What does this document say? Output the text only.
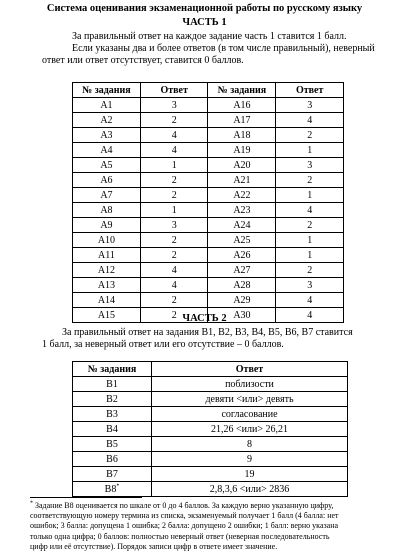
Система оценивания экзаменационной работы по русскому языку
ЧАСТЬ 1

За правильный ответ на каждое задание часть 1 ставится 1 балл.

Если указаны два и более ответов (в том числе правильный), неверный

ответ или ответ отсутствует, ставится 0 баллов.

№ задания	Ответ	№ задания	Ответ
A1	3	A16	3
A2	2	A17	4
A3	4	A18	2
A4	4	A19	1
A5	1	A20	3
A6	2	A21	2
A7	2	A22	1
A8	1	A23	4
A9	3	A24	2
A10	2	A25	1
A11	2	A26	1
A12	4	A27	2
A13	4	A28	3
A14	2	A29	4
A15	2	A30	4
ЧАСТЬ 2

За правильный ответ на задания В1, В2, В3, В4, В5, В6, В7 ставится

1 балл, за неверный ответ или его отсутствие – 0 баллов.

№ задания	Ответ
B1	поблизости
B2	девяти <или> девять
B3	согласование
B4	21,26 <или> 26,21
B5	8
B6	9
B7	19
B8*	2,8,3,6 <или> 2836

* Задание В8 оценивается по шкале от 0 до 4 баллов. За каждую верно указанную цифру,
соответствующую номеру термина из списка, экзаменуемый получает 1 балл (4 балла: нет
ошибок; 3 балла: допущена 1 ошибка; 2 балла: допущено 2 ошибки; 1 балл: верно указана
только одна цифра; 0 баллов: полностью неверный ответ (неверная последовательность
цифр или её отсутствие). Порядок записи цифр в ответе имеет значение.
